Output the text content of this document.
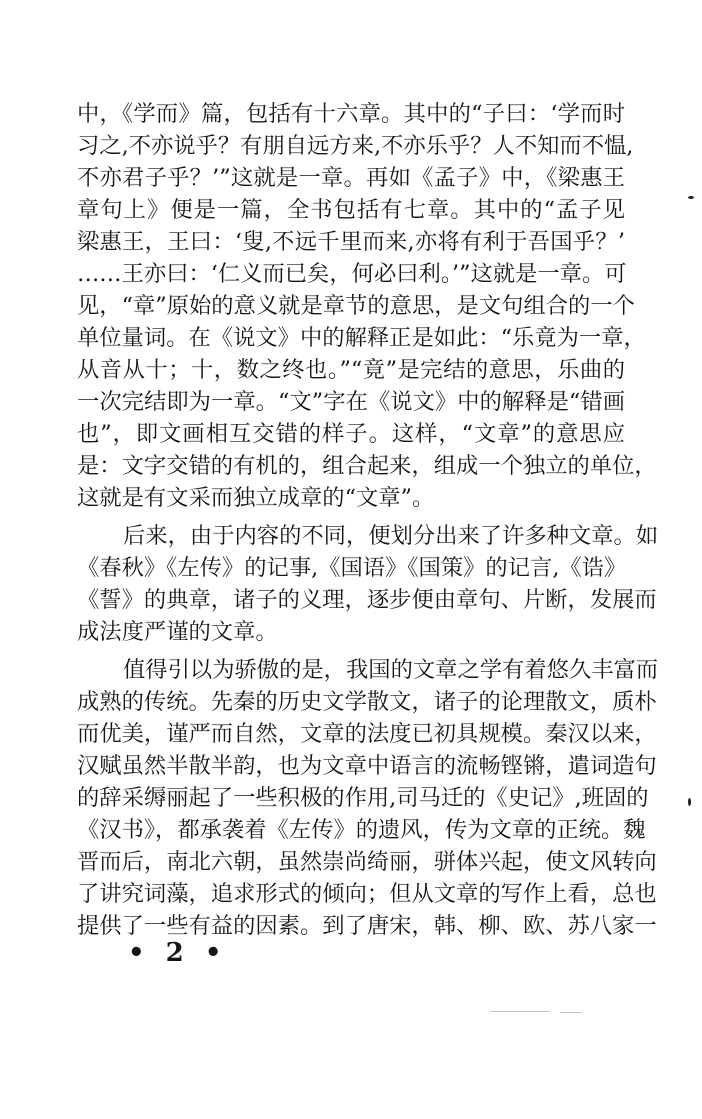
中，《学而》篇，包括有十六章。其中的“子曰：‘学而时
习之,不亦说乎？有朋自远方来,不亦乐乎？人不知而不愠,
不亦君子乎？’”这就是一章。再如《孟子》中，《梁惠王
章句上》便是一篇，全书包括有七章。其中的“孟子见
梁惠王，王曰：‘叟,不远千里而来,亦将有利于吾国乎？’
……王亦曰：‘仁义而已矣，何必曰利。’”这就是一章。可
见，“章”原始的意义就是章节的意思，是文句组合的一个
单位量词。在《说文》中的解释正是如此：“乐竟为一章，
从音从十；十，数之终也。”“竟”是完结的意思，乐曲的
一次完结即为一章。“文”字在《说文》中的解释是“错画
也”，即文画相互交错的样子。这样，“文章”的意思应
是：文字交错的有机的，组合起来，组成一个独立的单位，
这就是有文采而独立成章的“文章”。
后来，由于内容的不同，便划分出来了许多种文章。如
《春秋》《左传》的记事,《国语》《国策》的记言,《诰》
《誓》的典章，诸子的义理，逐步便由章句、片断，发展而
成法度严谨的文章。
值得引以为骄傲的是，我国的文章之学有着悠久丰富而
成熟的传统。先秦的历史文学散文，诸子的论理散文，质朴
而优美，谨严而自然，文章的法度已初具规模。秦汉以来，
汉赋虽然半散半韵，也为文章中语言的流畅铿锵，遣词造句
的辞采缛丽起了一些积极的作用,司马迁的《史记》,班固的
《汉书》，都承袭着《左传》的遗风，传为文章的正统。魏
晋而后，南北六朝，虽然崇尚绮丽，骈体兴起，使文风转向
了讲究词藻，追求形式的倾向；但从文章的写作上看，总也
提供了一些有益的因素。到了唐宋，韩、柳、欧、苏八家一
• 2 •
